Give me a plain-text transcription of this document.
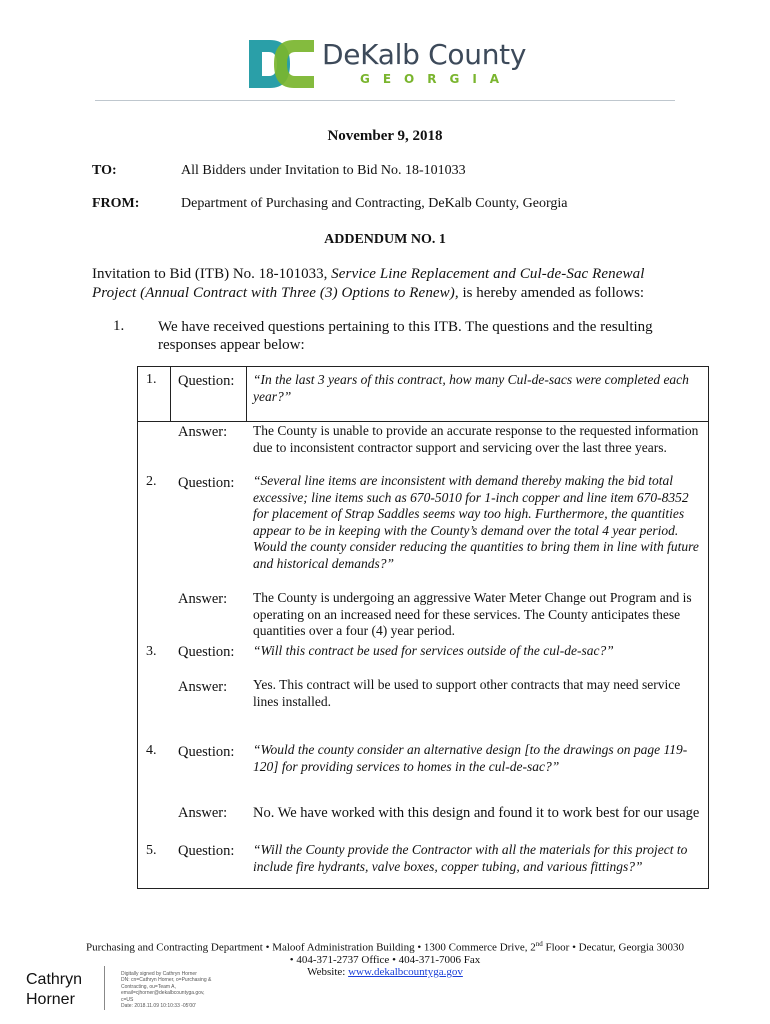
DeKalb County
GEORGIA
November 9, 2018
TO:	All Bidders under Invitation to Bid No. 18-101033
FROM:	Department of Purchasing and Contracting, DeKalb County, Georgia
ADDENDUM NO. 1
Invitation to Bid (ITB) No. 18-101033, Service Line Replacement and Cul-de-Sac Renewal Project (Annual Contract with Three (3) Options to Renew), is hereby amended as follows:
1. We have received questions pertaining to this ITB. The questions and the resulting responses appear below:
1. Question: “In the last 3 years of this contract, how many Cul-de-sacs were completed each year?”
Answer: The County is unable to provide an accurate response to the requested information due to inconsistent contractor support and servicing over the last three years.
2. Question: “Several line items are inconsistent with demand thereby making the bid total excessive; line items such as 670-5010 for 1-inch copper and line item 670-8352 for placement of Strap Saddles seems way too high. Furthermore, the quantities appear to be in keeping with the County’s demand over the total 4 year period. Would the county consider reducing the quantities to bring them in line with future and historical demands?”
Answer: The County is undergoing an aggressive Water Meter Change out Program and is operating on an increased need for these services. The County anticipates these quantities over a four (4) year period.
3. Question: “Will this contract be used for services outside of the cul-de-sac?”
Answer: Yes. This contract will be used to support other contracts that may need service lines installed.
4. Question: “Would the county consider an alternative design [to the drawings on page 119-120] for providing services to homes in the cul-de-sac?”
Answer: No. We have worked with this design and found it to work best for our usage
5. Question: “Will the County provide the Contractor with all the materials for this project to include fire hydrants, valve boxes, copper tubing, and various fittings?”
Purchasing and Contracting Department • Maloof Administration Building • 1300 Commerce Drive, 2nd Floor • Decatur, Georgia 30030
• 404-371-2737 Office • 404-371-7006 Fax
Website: www.dekalbcountyga.gov
Cathryn
Horner
Digitally signed by Cathryn Horner
DN: cn=Cathryn Horner, o=Purchasing &
Contracting, ou=Team A,
email=cjhorner@dekalbcountyga.gov,
c=US
Date: 2018.11.09 10:10:33 -05'00'
